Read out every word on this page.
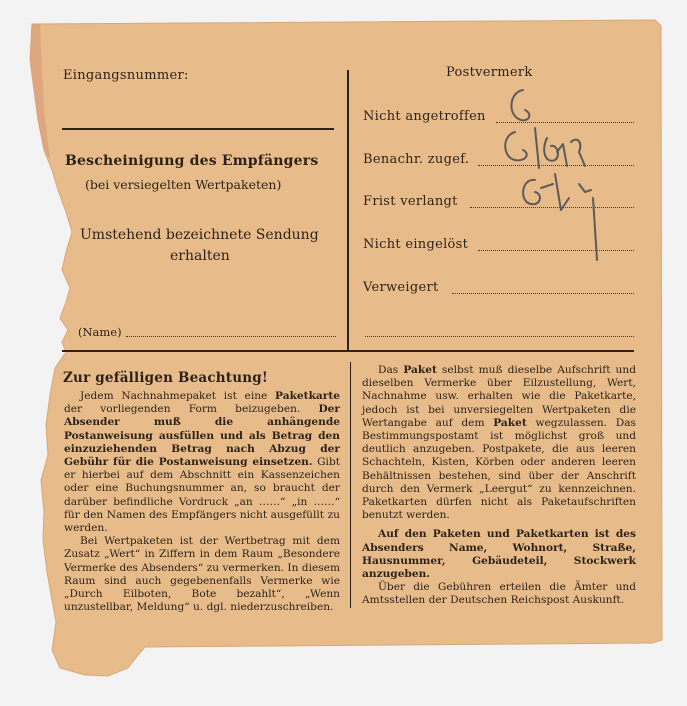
Eingangsnummer:	Postvermerk
Bescheinigung des Empfängers
(bei versiegelten Wertpaketen)
Umstehend bezeichnete Sendung
erhalten
(Name)
Nicht angetroffen
Benachr. zugef.
Frist verlangt
Nicht eingelöst
Verweigert
Zur gefälligen Beachtung!

Jedem Nachnahmepaket ist eine Paketkarte der vorliegenden Form beizugeben. Der Absender muß die anhängende Postanweisung ausfüllen und als Betrag den einzuziehenden Betrag nach Abzug der Gebühr für die Postanweisung einsetzen. Gibt er hierbei auf dem Abschnitt ein Kassenzeichen oder eine Buchungsnummer an, so braucht der darüber befindliche Vordruck „an ……“ „in ……“ für den Namen des Empfängers nicht ausgefüllt zu werden.

Bei Wertpaketen ist der Wertbetrag mit dem Zusatz „Wert“ in Ziffern in dem Raum „Besondere Vermerke des Absenders“ zu vermerken. In diesem Raum sind auch gegebenenfalls Vermerke wie „Durch Eilboten, Bote bezahlt“, „Wenn unzustellbar, Meldung“ u. dgl. niederzuschreiben.

Das Paket selbst muß dieselbe Aufschrift und dieselben Vermerke über Eilzustellung, Wert, Nachnahme usw. erhalten wie die Paketkarte, jedoch ist bei unversiegelten Wertpaketen die Wertangabe auf dem Paket wegzulassen. Das Bestimmungspostamt ist möglichst groß und deutlich anzugeben. Postpakete, die aus leeren Schachteln, Kisten, Körben oder anderen leeren Behältnissen bestehen, sind über der Anschrift durch den Vermerk „Leergut“ zu kennzeichnen. Paketkarten dürfen nicht als Paketaufschriften benutzt werden.

Auf den Paketen und Paketkarten ist des Absenders Name, Wohnort, Straße, Hausnummer, Gebäudeteil, Stockwerk anzugeben.

Über die Gebühren erteilen die Ämter und Amtsstellen der Deutschen Reichspost Auskunft.
